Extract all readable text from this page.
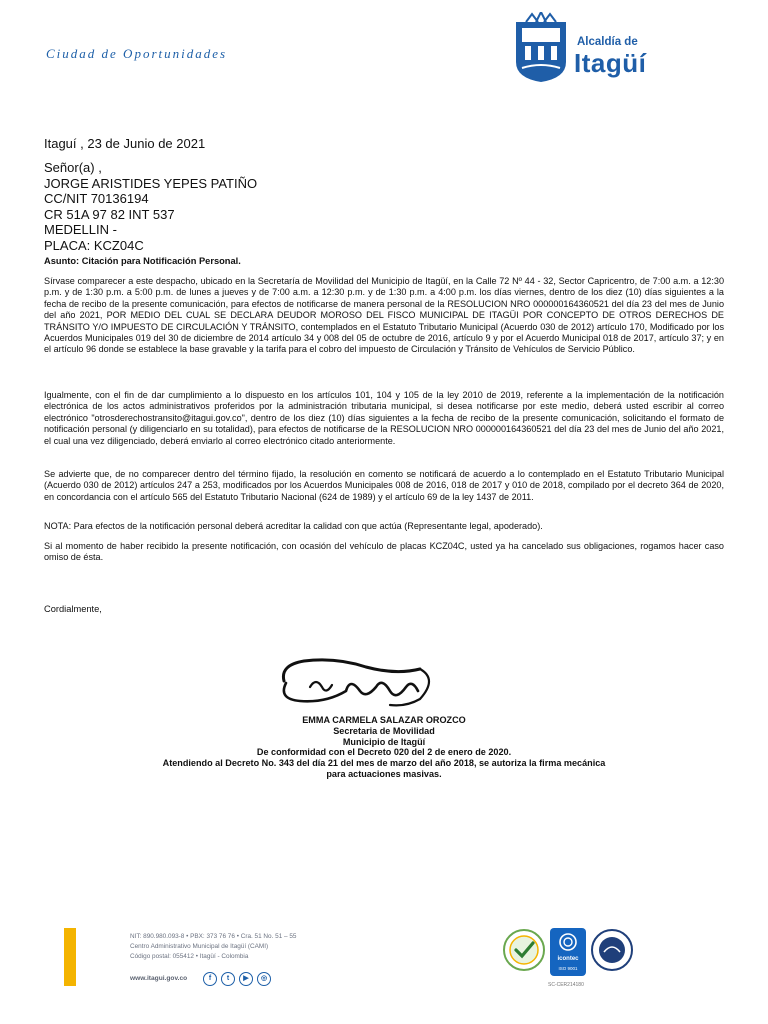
Ciudad de Oportunidades
Alcaldía de
Itagüí
Itaguí , 23 de Junio de 2021
Señor(a) ,
JORGE ARISTIDES YEPES PATIÑO
CC/NIT 70136194
CR 51A 97 82 INT 537
MEDELLIN -
PLACA: KCZ04C
Asunto: Citación para Notificación Personal.
Sírvase comparecer a este despacho, ubicado en la Secretaría de Movilidad del Municipio de Itagüí, en la Calle 72 Nº 44 - 32, Sector Capricentro, de 7:00 a.m. a 12:30 p.m. y de 1:30 p.m. a 5:00 p.m. de lunes a jueves y de 7:00 a.m. a 12:30 p.m. y de 1:30 p.m. a 4:00 p.m. los días viernes, dentro de los diez (10) días siguientes a la fecha de recibo de la presente comunicación, para efectos de notificarse de manera personal de la RESOLUCION NRO 000000164360521 del día 23 del mes de Junio del año 2021, POR MEDIO DEL CUAL SE DECLARA DEUDOR MOROSO DEL FISCO MUNICIPAL DE ITAGÜI POR CONCEPTO DE OTROS DERECHOS DE TRÁNSITO Y/O IMPUESTO DE CIRCULACIÓN Y TRÁNSITO, contemplados en el Estatuto Tributario Municipal (Acuerdo 030 de 2012) artículo 170, Modificado por los Acuerdos Municipales 019 del 30 de diciembre de 2014 artículo 34 y 008 del 05 de octubre de 2016, artículo 9 y por el Acuerdo Municipal 018 de 2017, artículo 37; y en el artículo 96 donde se establece la base gravable y la tarifa para el cobro del impuesto de Circulación y Tránsito de Vehículos de Servicio Público.
Igualmente, con el fin de dar cumplimiento a lo dispuesto en los artículos 101, 104 y 105 de la ley 2010 de 2019, referente a la implementación de la notificación electrónica de los actos administrativos proferidos por la administración tributaria municipal, si desea notificarse por este medio, deberá usted escribir al correo electrónico "otrosderechostransito@itagui.gov.co", dentro de los diez (10) días siguientes a la fecha de recibo de la presente comunicación, solicitando el formato de notificación personal (y diligenciarlo en su totalidad), para efectos de notificarse de la RESOLUCION NRO 000000164360521 del día 23 del mes de Junio del año 2021, el cual una vez diligenciado, deberá enviarlo al correo electrónico citado anteriormente.
Se advierte que, de no comparecer dentro del término fijado, la resolución en comento se notificará de acuerdo a lo contemplado en el Estatuto Tributario Municipal (Acuerdo 030 de 2012) artículos 247 a 253, modificados por los Acuerdos Municipales 008 de 2016, 018 de 2017 y 010 de 2018, compilado por el decreto 364 de 2020, en concordancia con el artículo 565 del Estatuto Tributario Nacional (624 de 1989) y el artículo 69 de la ley 1437 de 2011.
NOTA: Para efectos de la notificación personal deberá acreditar la calidad con que actúa (Representante legal, apoderado).
Si al momento de haber recibido la presente notificación, con ocasión del vehículo de placas KCZ04C, usted ya ha cancelado sus obligaciones, rogamos hacer caso omiso de ésta.
Cordialmente,
EMMA CARMELA SALAZAR OROZCO
Secretaria de Movilidad
Municipio de Itagüí
De conformidad con el Decreto 020 del 2 de enero de 2020.
Atendiendo al Decreto No. 343 del día 21 del mes de marzo del año 2018, se autoriza la firma mecánica
para actuaciones masivas.
NIT: 890.980.093-8 • PBX: 373 76 76 • Cra. 51 No. 51 – 55
Centro Administrativo Municipal de Itagüí (CAMI)
Código postal: 055412 • Itagüí - Colombia
www.itagui.gov.co	f	t	▶	◎
icontec
ISO 9001
SC-CER214180
